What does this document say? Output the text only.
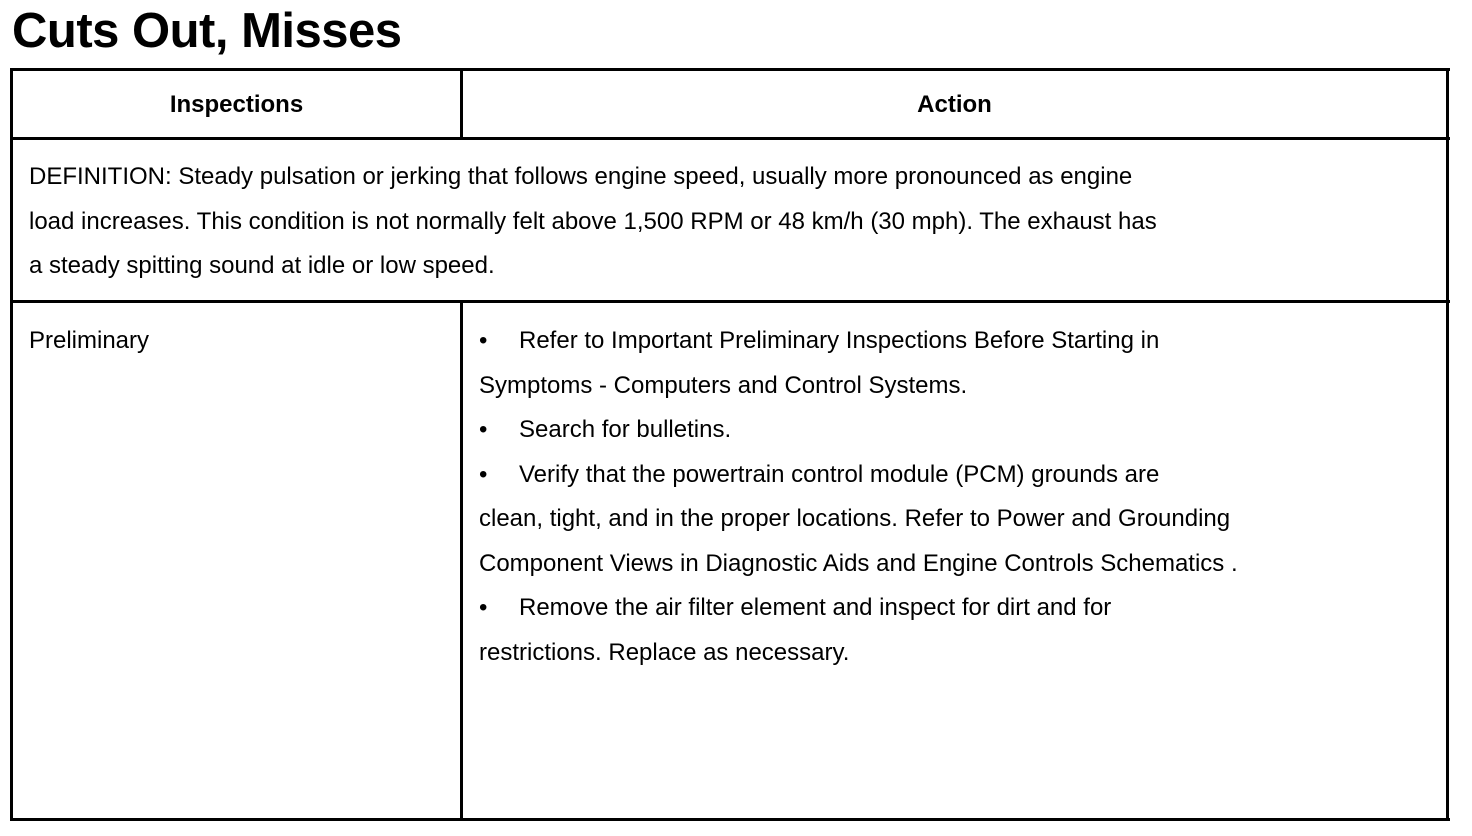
Cuts Out, Misses
Inspections	Action
DEFINITION: Steady pulsation or jerking that follows engine speed, usually more pronounced as engine
load increases. This condition is not normally felt above 1,500 RPM or 48 km/h (30 mph). The exhaust has
a steady spitting sound at idle or low speed.
Preliminary	• Refer to Important Preliminary Inspections Before Starting in
Symptoms - Computers and Control Systems.
• Search for bulletins.
• Verify that the powertrain control module (PCM) grounds are
clean, tight, and in the proper locations. Refer to Power and Grounding
Component Views in Diagnostic Aids and Engine Controls Schematics .
• Remove the air filter element and inspect for dirt and for
restrictions. Replace as necessary.
